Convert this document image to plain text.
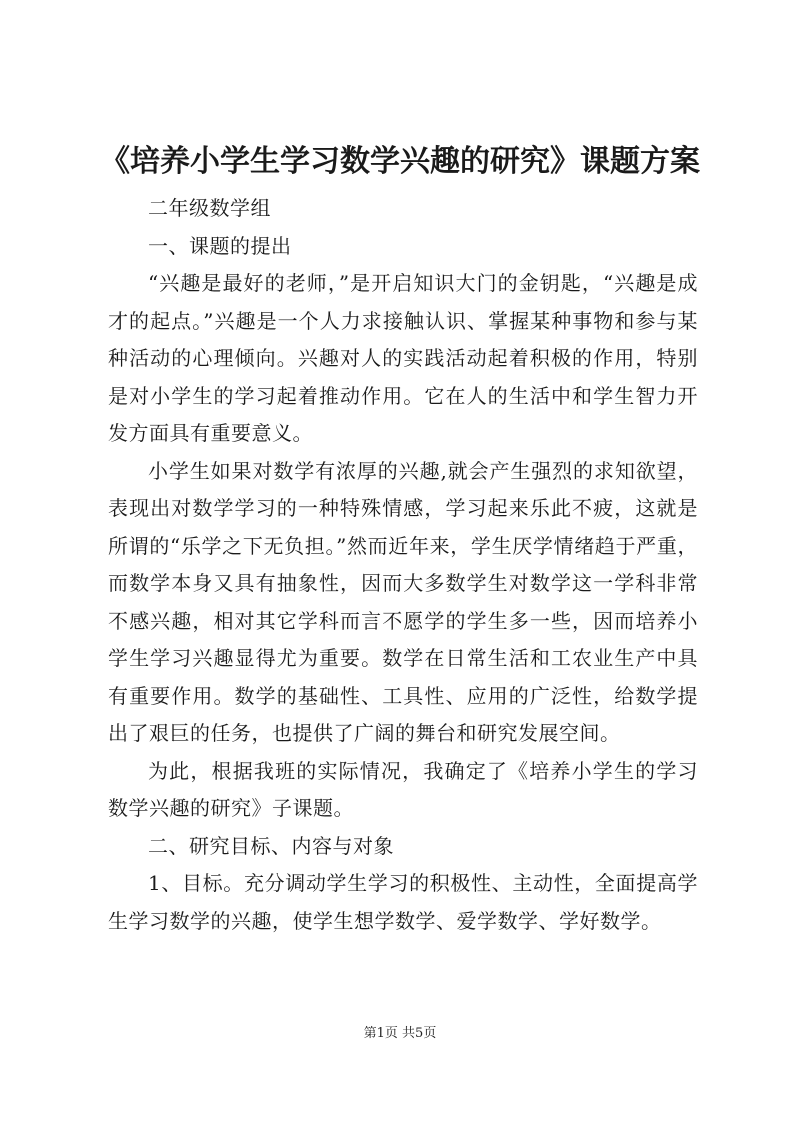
《培养小学生学习数学兴趣的研究》课题方案

二年级数学组

一、课题的提出

“兴趣是最好的老师，”是开启知识大门的金钥匙，“兴趣是成才的起点。”兴趣是一个人力求接触认识、掌握某种事物和参与某种活动的心理倾向。兴趣对人的实践活动起着积极的作用，特别是对小学生的学习起着推动作用。它在人的生活中和学生智力开发方面具有重要意义。

小学生如果对数学有浓厚的兴趣,就会产生强烈的求知欲望，表现出对数学学习的一种特殊情感，学习起来乐此不疲，这就是所谓的“乐学之下无负担。”然而近年来，学生厌学情绪趋于严重，而数学本身又具有抽象性，因而大多数学生对数学这一学科非常不感兴趣，相对其它学科而言不愿学的学生多一些，因而培养小学生学习兴趣显得尤为重要。数学在日常生活和工农业生产中具有重要作用。数学的基础性、工具性、应用的广泛性，给数学提出了艰巨的任务，也提供了广阔的舞台和研究发展空间。

为此，根据我班的实际情况，我确定了《培养小学生的学习数学兴趣的研究》子课题。

二、研究目标、内容与对象

1、目标。充分调动学生学习的积极性、主动性，全面提高学生学习数学的兴趣，使学生想学数学、爱学数学、学好数学。

第1页 共5页
